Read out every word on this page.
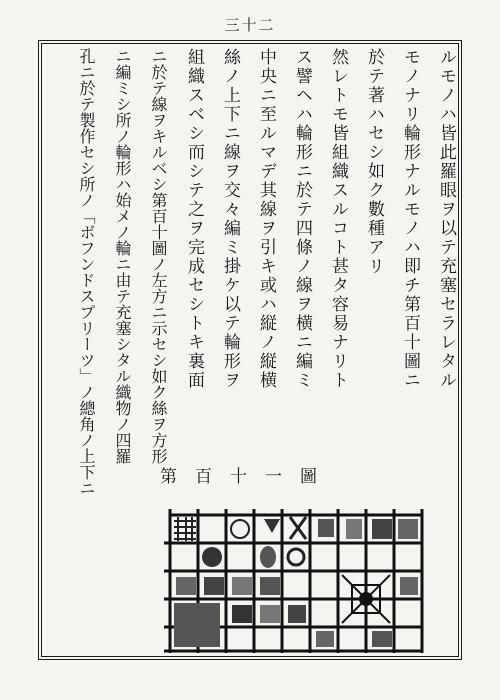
三十二
ルモノハ皆此羅眼ヲ以テ充塞セラレタル
モノナリ輪形ナルモノハ即チ第百十圖ニ
於テ著ハセシ如ク數種アリ
然レトモ皆組織スルコト甚タ容易ナリト
ス譬ヘハ輪形ニ於テ四條ノ線ヲ横ニ編ミ
中央ニ至ルマデ其線ヲ引キ或ハ縦ノ縦横
絲ノ上下ニ線ヲ交々編ミ掛ケ以テ輪形ヲ
組織スベシ而シテ之ヲ完成セシトキ裏面
ニ於テ線ヲキルベシ第百十圖ノ左方ニ示セシ如ク絲ヲ方形
ニ編ミシ所ノ輪形ハ始メノ輪ニ由テ充塞シタル織物ノ四羅
孔ニ於テ製作セシ所ノ「ボフンドスプリーツ」ノ總角ノ上下ニ	第百十一圖
